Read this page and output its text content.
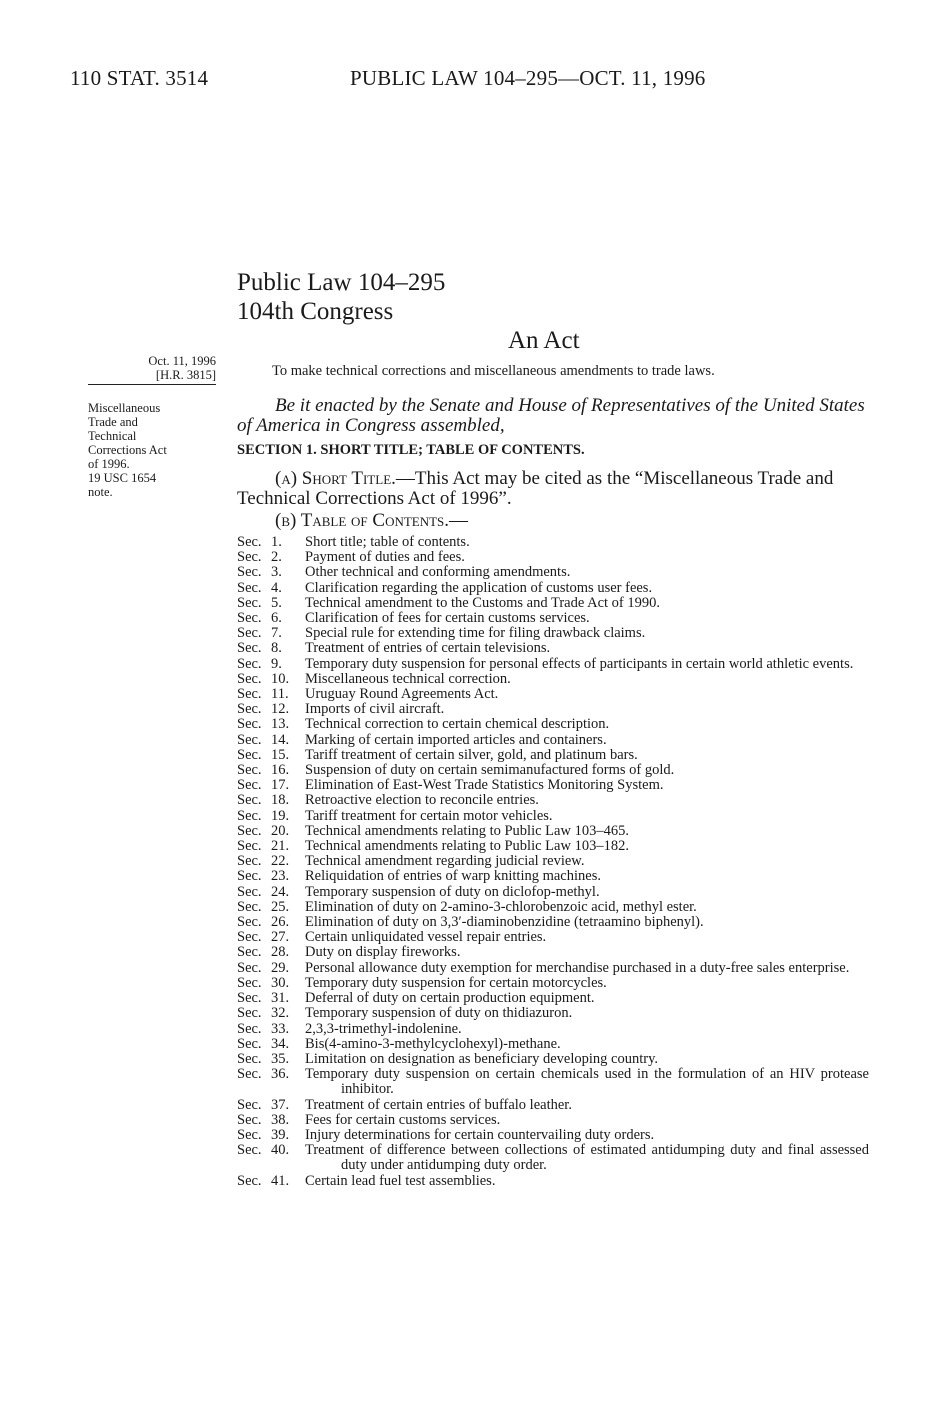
110 STAT. 3514	PUBLIC LAW 104–295—OCT. 11, 1996
Public Law 104–295
104th Congress
An Act
Oct. 11, 1996
[H.R. 3815]
Miscellaneous
Trade and
Technical
Corrections Act
of 1996.
19 USC 1654
note.
To make technical corrections and miscellaneous amendments to trade laws.
Be it enacted by the Senate and House of Representatives of the United States of America in Congress assembled,
SECTION 1. SHORT TITLE; TABLE OF CONTENTS.
(a) Short Title.—This Act may be cited as the “Miscellaneous Trade and Technical Corrections Act of 1996”.
(b) Table of Contents.—
Sec. 1.	Short title; table of contents.
Sec. 2.	Payment of duties and fees.
Sec. 3.	Other technical and conforming amendments.
Sec. 4.	Clarification regarding the application of customs user fees.
Sec. 5.	Technical amendment to the Customs and Trade Act of 1990.
Sec. 6.	Clarification of fees for certain customs services.
Sec. 7.	Special rule for extending time for filing drawback claims.
Sec. 8.	Treatment of entries of certain televisions.
Sec. 9.	Temporary duty suspension for personal effects of participants in certain world athletic events.
Sec. 10.	Miscellaneous technical correction.
Sec. 11.	Uruguay Round Agreements Act.
Sec. 12.	Imports of civil aircraft.
Sec. 13.	Technical correction to certain chemical description.
Sec. 14.	Marking of certain imported articles and containers.
Sec. 15.	Tariff treatment of certain silver, gold, and platinum bars.
Sec. 16.	Suspension of duty on certain semimanufactured forms of gold.
Sec. 17.	Elimination of East-West Trade Statistics Monitoring System.
Sec. 18.	Retroactive election to reconcile entries.
Sec. 19.	Tariff treatment for certain motor vehicles.
Sec. 20.	Technical amendments relating to Public Law 103–465.
Sec. 21.	Technical amendments relating to Public Law 103–182.
Sec. 22.	Technical amendment regarding judicial review.
Sec. 23.	Reliquidation of entries of warp knitting machines.
Sec. 24.	Temporary suspension of duty on diclofop-methyl.
Sec. 25.	Elimination of duty on 2-amino-3-chlorobenzoic acid, methyl ester.
Sec. 26.	Elimination of duty on 3,3′-diaminobenzidine (tetraamino biphenyl).
Sec. 27.	Certain unliquidated vessel repair entries.
Sec. 28.	Duty on display fireworks.
Sec. 29.	Personal allowance duty exemption for merchandise purchased in a duty-free sales enterprise.
Sec. 30.	Temporary duty suspension for certain motorcycles.
Sec. 31.	Deferral of duty on certain production equipment.
Sec. 32.	Temporary suspension of duty on thidiazuron.
Sec. 33.	2,3,3-trimethyl-indolenine.
Sec. 34.	Bis(4-amino-3-methylcyclohexyl)-methane.
Sec. 35.	Limitation on designation as beneficiary developing country.
Sec. 36.	Temporary duty suspension on certain chemicals used in the formulation of an HIV protease inhibitor.
Sec. 37.	Treatment of certain entries of buffalo leather.
Sec. 38.	Fees for certain customs services.
Sec. 39.	Injury determinations for certain countervailing duty orders.
Sec. 40.	Treatment of difference between collections of estimated antidumping duty and final assessed duty under antidumping duty order.
Sec. 41.	Certain lead fuel test assemblies.
